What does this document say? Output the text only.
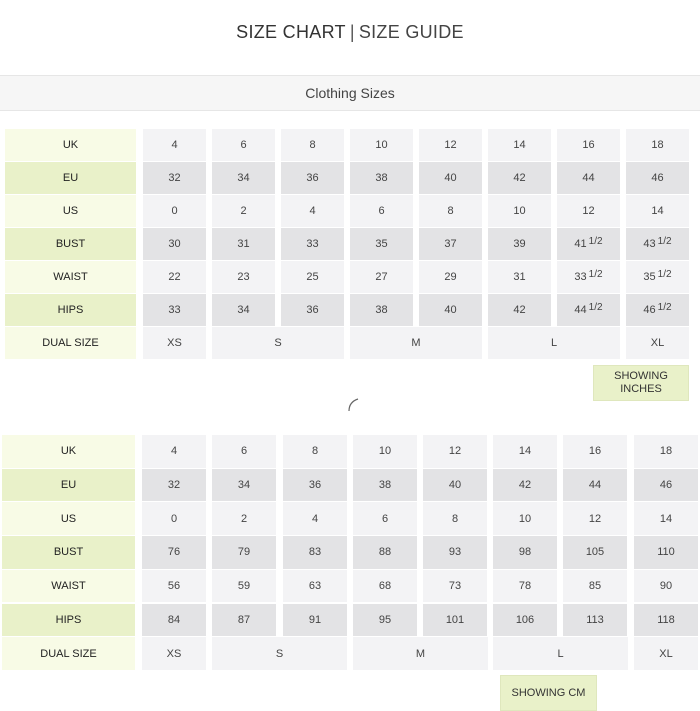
SIZE CHART | SIZE GUIDE
Clothing Sizes
UK	4	6	8	10	12	14	16	18
EU	32	34	36	38	40	42	44	46
US	0	2	4	6	8	10	12	14
BUST	30	31	33	35	37	39	$41^{1/2}$	$43^{1/2}$
WAIST	22	23	25	27	29	31	$33^{1/2}$	$35^{1/2}$
HIPS	33	34	36	38	40	42	$44^{1/2}$	$46^{1/2}$
DUAL SIZE	XS	S	M	L	XL
UK	4	6	8	10	12	14	16	18
EU	32	34	36	38	40	42	44	46
US	0	2	4	6	8	10	12	14
BUST	76	79	83	88	93	98	105	110
WAIST	56	59	63	68	73	78	85	90
HIPS	84	87	91	95	101	106	113	118
DUAL SIZE	XS	S	M	L	XL
SHOWING
INCHES
SHOWING CM
